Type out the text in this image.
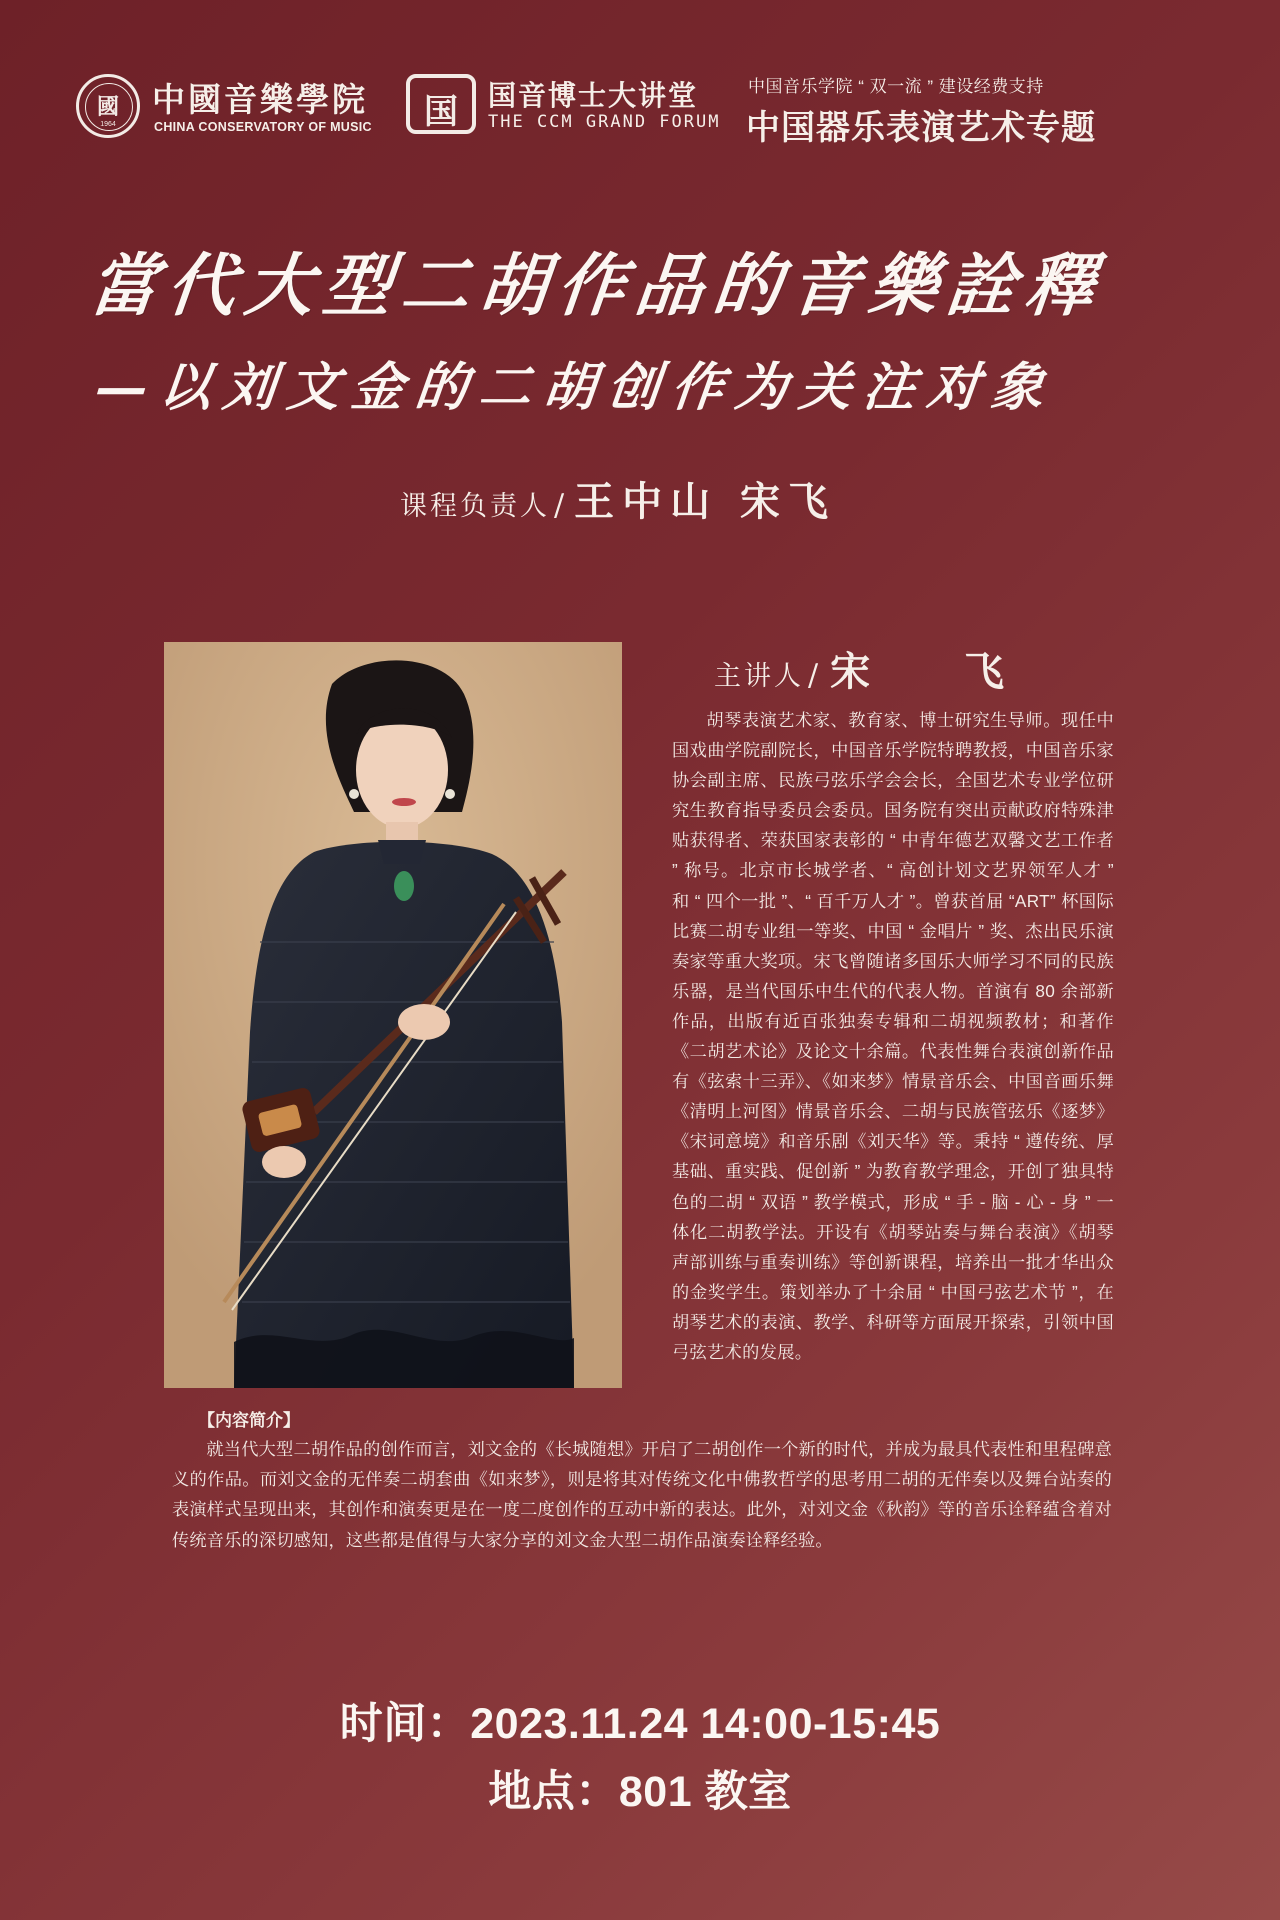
國
1964
中國音樂學院
CHINA CONSERVATORY OF MUSIC	国	国音博士大讲堂
THE CCM GRAND FORUM
中国音乐学院 “ 双一流 ” 建设经费支持
中国器乐表演艺术专题
當代大型二胡作品的音樂詮釋
—以刘文金的二胡创作为关注对象
课程负责人 / 王中山 宋飞
主讲人 / 宋 飞
胡琴表演艺术家、教育家、博士研究生导师。现任中国戏曲学院副院长，中国音乐学院特聘教授，中国音乐家协会副主席、民族弓弦乐学会会长，全国艺术专业学位研究生教育指导委员会委员。国务院有突出贡献政府特殊津贴获得者、荣获国家表彰的 “ 中青年德艺双馨文艺工作者 ” 称号。北京市长城学者、“ 高创计划文艺界领军人才 ” 和 “ 四个一批 ”、“ 百千万人才 ”。曾获首届 “ART” 杯国际比赛二胡专业组一等奖、中国 “ 金唱片 ” 奖、杰出民乐演奏家等重大奖项。宋飞曾随诸多国乐大师学习不同的民族乐器，是当代国乐中生代的代表人物。首演有 80 余部新作品，出版有近百张独奏专辑和二胡视频教材；和著作《二胡艺术论》及论文十余篇。代表性舞台表演创新作品有《弦索十三弄》、《如来梦》情景音乐会、中国音画乐舞《清明上河图》情景音乐会、二胡与民族管弦乐《逐梦》《宋词意境》和音乐剧《刘天华》等。秉持 “ 遵传统、厚基础、重实践、促创新 ” 为教育教学理念，开创了独具特色的二胡 “ 双语 ” 教学模式，形成 “ 手 - 脑 - 心 - 身 ” 一体化二胡教学法。开设有《胡琴站奏与舞台表演》《胡琴声部训练与重奏训练》等创新课程，培养出一批才华出众的金奖学生。策划举办了十余届 “ 中国弓弦艺术节 ”，在胡琴艺术的表演、教学、科研等方面展开探索，引领中国弓弦艺术的发展。
【内容简介】
就当代大型二胡作品的创作而言，刘文金的《长城随想》开启了二胡创作一个新的时代，并成为最具代表性和里程碑意义的作品。而刘文金的无伴奏二胡套曲《如来梦》，则是将其对传统文化中佛教哲学的思考用二胡的无伴奏以及舞台站奏的表演样式呈现出来，其创作和演奏更是在一度二度创作的互动中新的表达。此外，对刘文金《秋韵》等的音乐诠释蕴含着对传统音乐的深切感知，这些都是值得与大家分享的刘文金大型二胡作品演奏诠释经验。
时间：2023.11.24 14:00-15:45
地点：801 教室
